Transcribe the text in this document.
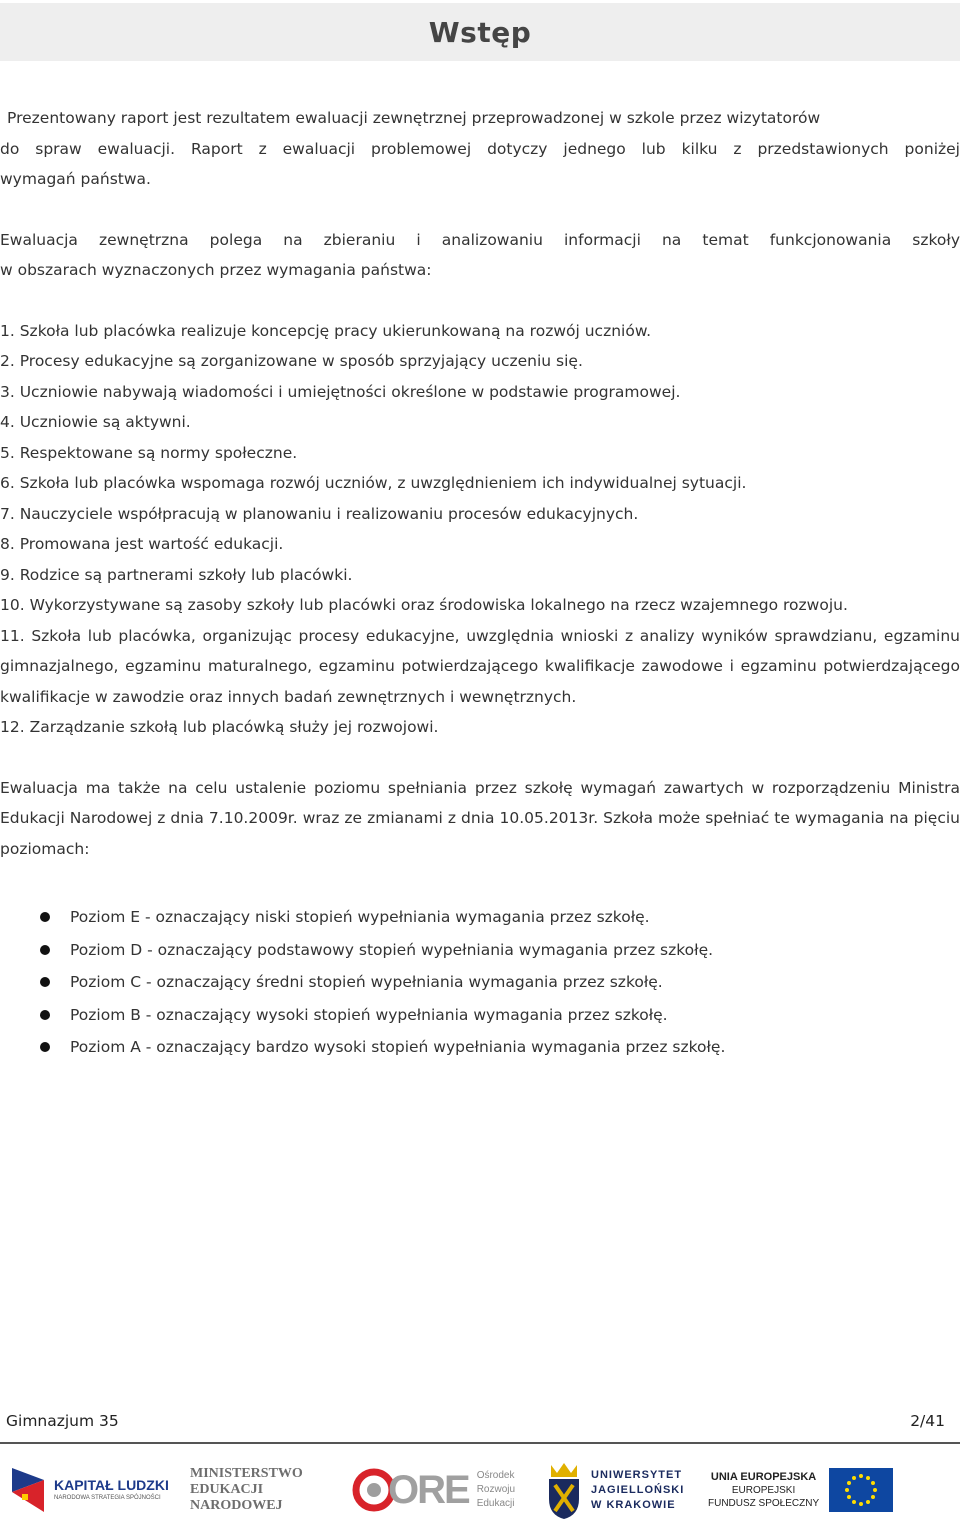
Wstęp

Prezentowany raport jest rezultatem ewaluacji zewnętrznej przeprowadzonej w szkole przez wizytatorów

do spraw ewaluacji. Raport z ewaluacji problemowej dotyczy jednego lub kilku z przedstawionych poniżej

wymagań państwa.

Ewaluacja zewnętrzna polega na zbieraniu i analizowaniu informacji na temat funkcjonowania szkoły

w obszarach wyznaczonych przez wymagania państwa:

1. Szkoła lub placówka realizuje koncepcję pracy ukierunkowaną na rozwój uczniów.
2. Procesy edukacyjne są zorganizowane w sposób sprzyjający uczeniu się.
3. Uczniowie nabywają wiadomości i umiejętności określone w podstawie programowej.
4. Uczniowie są aktywni.
5. Respektowane są normy społeczne.
6. Szkoła lub placówka wspomaga rozwój uczniów, z uwzględnieniem ich indywidualnej sytuacji.
7. Nauczyciele współpracują w planowaniu i realizowaniu procesów edukacyjnych.
8. Promowana jest wartość edukacji.
9. Rodzice są partnerami szkoły lub placówki.
10. Wykorzystywane są zasoby szkoły lub placówki oraz środowiska lokalnego na rzecz wzajemnego rozwoju.
11. Szkoła lub placówka, organizując procesy edukacyjne, uwzględnia wnioski z analizy wyników sprawdzianu, egzaminu gimnazjalnego, egzaminu maturalnego, egzaminu potwierdzającego kwalifikacje zawodowe i egzaminu potwierdzającego kwalifikacje w zawodzie oraz innych badań zewnętrznych i wewnętrznych.
12. Zarządzanie szkołą lub placówką służy jej rozwojowi.

Ewaluacja ma także na celu ustalenie poziomu spełniania przez szkołę wymagań zawartych w rozporządzeniu Ministra Edukacji Narodowej z dnia 7.10.2009r. wraz ze zmianami z dnia 10.05.2013r. Szkoła może spełniać te wymagania na pięciu poziomach:

Poziom E - oznaczający niski stopień wypełniania wymagania przez szkołę.
Poziom D - oznaczający podstawowy stopień wypełniania wymagania przez szkołę.
Poziom C - oznaczający średni stopień wypełniania wymagania przez szkołę.
Poziom B - oznaczający wysoki stopień wypełniania wymagania przez szkołę.
Poziom A - oznaczający bardzo wysoki stopień wypełniania wymagania przez szkołę.
Gimnazjum 35	2/41
KAPITAŁ LUDZKI
NARODOWA STRATEGIA SPÓJNOŚCI
MINISTERSTWO
EDUKACJI
NARODOWEJ	ORE Ośrodek
Rozwoju
Edukacji
UNIWERSYTET
JAGIELLOŃSKI
W KRAKOWIE
UNIA EUROPEJSKA
EUROPEJSKI
FUNDUSZ SPOŁECZNY
